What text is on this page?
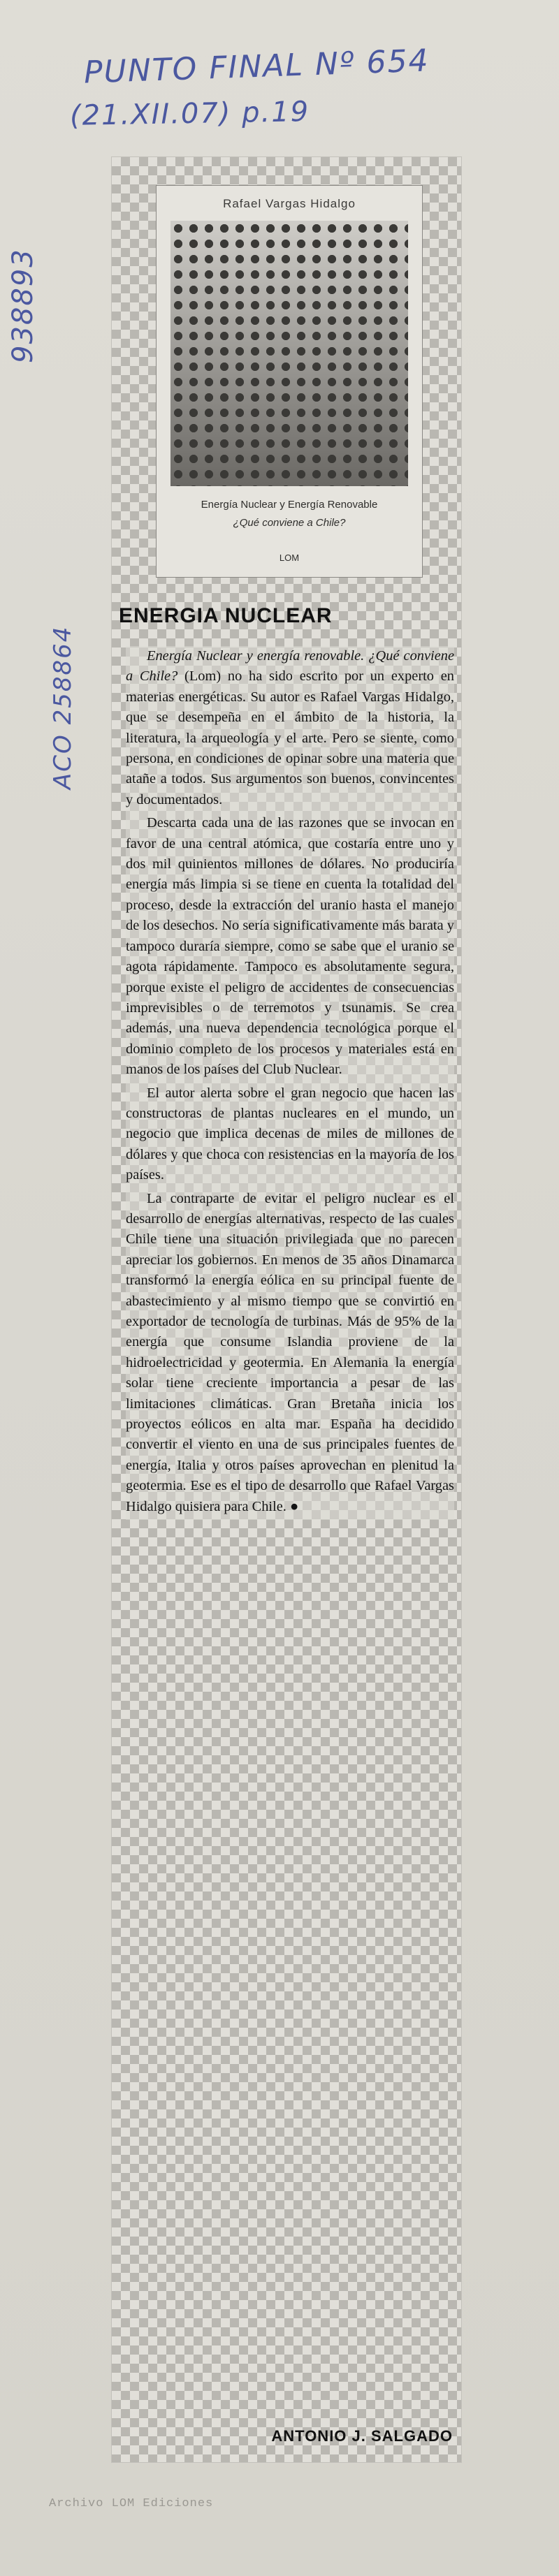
PUNTO FINAL Nº 654
(21.XII.07) p.19
938893
ACO 258864
Rafael Vargas Hidalgo
Energía Nuclear y Energía Renovable
¿Qué conviene a Chile?
LOM
ENERGIA NUCLEAR

Energía Nuclear y energía renovable. ¿Qué conviene a Chile? (Lom) no ha sido escrito por un experto en materias energéticas. Su autor es Rafael Vargas Hidalgo, que se desempeña en el ámbito de la historia, la literatura, la arqueología y el arte. Pero se siente, como persona, en condiciones de opinar sobre una materia que atañe a todos. Sus argumentos son buenos, convincentes y documentados.

Descarta cada una de las razones que se invocan en favor de una central atómica, que costaría entre uno y dos mil quinientos millones de dólares. No produciría energía más limpia si se tiene en cuenta la totalidad del proceso, desde la extracción del uranio hasta el manejo de los desechos. No sería significativamente más barata y tampoco duraría siempre, como se sabe que el uranio se agota rápidamente. Tampoco es absolutamente segura, porque existe el peligro de accidentes de consecuencias imprevisibles o de terremotos y tsunamis. Se crea además, una nueva dependencia tecnológica porque el dominio completo de los procesos y materiales está en manos de los países del Club Nuclear.

El autor alerta sobre el gran negocio que hacen las constructoras de plantas nucleares en el mundo, un negocio que implica decenas de miles de millones de dólares y que choca con resistencias en la mayoría de los países.

La contraparte de evitar el peligro nuclear es el desarrollo de energías alternativas, respecto de las cuales Chile tiene una situación privilegiada que no parecen apreciar los gobiernos. En menos de 35 años Dinamarca transformó la energía eólica en su principal fuente de abastecimiento y al mismo tiempo que se convirtió en exportador de tecnología de turbinas. Más de 95% de la energía que consume Islandia proviene de la hidroelectricidad y geotermia. En Alemania la energía solar tiene creciente importancia a pesar de las limitaciones climáticas. Gran Bretaña inicia los proyectos eólicos en alta mar. España ha decidido convertir el viento en una de sus principales fuentes de energía, Italia y otros países aprovechan en plenitud la geotermia. Ese es el tipo de desarrollo que Rafael Vargas Hidalgo quisiera para Chile. ●

ANTONIO J. SALGADO
Archivo LOM Ediciones
